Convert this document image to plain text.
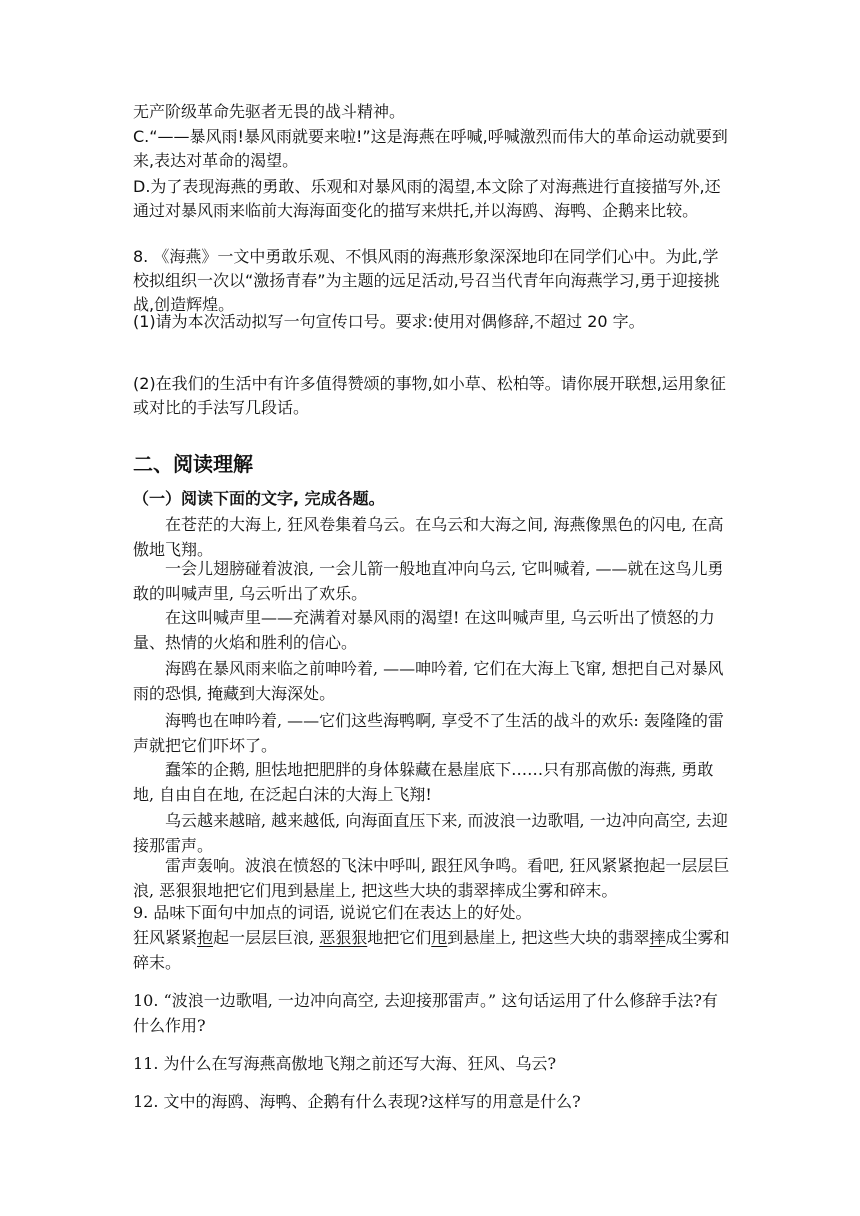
无产阶级革命先驱者无畏的战斗精神。

C.“——暴风雨!暴风雨就要来啦!”这是海燕在呼喊,呼喊激烈而伟大的革命运动就要到来,表达对革命的渴望。

D.为了表现海燕的勇敢、乐观和对暴风雨的渴望,本文除了对海燕进行直接描写外,还通过对暴风雨来临前大海海面变化的描写来烘托,并以海鸥、海鸭、企鹅来比较。

8. 《海燕》一文中勇敢乐观、不惧风雨的海燕形象深深地印在同学们心中。为此,学校拟组织一次以“激扬青春”为主题的远足活动,号召当代青年向海燕学习,勇于迎接挑战,创造辉煌。

(1)请为本次活动拟写一句宣传口号。要求:使用对偶修辞,不超过 20 字。

(2)在我们的生活中有许多值得赞颂的事物,如小草、松柏等。请你展开联想,运用象征或对比的手法写几段话。

二、阅读理解

（一）阅读下面的文字, 完成各题。

在苍茫的大海上, 狂风卷集着乌云。在乌云和大海之间, 海燕像黑色的闪电, 在高傲地飞翔。

一会儿翅膀碰着波浪, 一会儿箭一般地直冲向乌云, 它叫喊着, ——就在这鸟儿勇敢的叫喊声里, 乌云听出了欢乐。

在这叫喊声里——充满着对暴风雨的渴望! 在这叫喊声里, 乌云听出了愤怒的力量、热情的火焰和胜利的信心。

海鸥在暴风雨来临之前呻吟着, ——呻吟着, 它们在大海上飞窜, 想把自己对暴风雨的恐惧, 掩藏到大海深处。

海鸭也在呻吟着, ——它们这些海鸭啊, 享受不了生活的战斗的欢乐: 轰隆隆的雷声就把它们吓坏了。

蠢笨的企鹅, 胆怯地把肥胖的身体躲藏在悬崖底下……只有那高傲的海燕, 勇敢地, 自由自在地, 在泛起白沫的大海上飞翔!

乌云越来越暗, 越来越低, 向海面直压下来, 而波浪一边歌唱, 一边冲向高空, 去迎接那雷声。

雷声轰响。波浪在愤怒的飞沫中呼叫, 跟狂风争鸣。看吧, 狂风紧紧抱起一层层巨浪, 恶狠狠地把它们甩到悬崖上, 把这些大块的翡翠摔成尘雾和碎末。

9. 品味下面句中加点的词语, 说说它们在表达上的好处。

狂风紧紧抱起一层层巨浪, 恶狠狠地把它们甩到悬崖上, 把这些大块的翡翠摔成尘雾和碎末。

10. “波浪一边歌唱, 一边冲向高空, 去迎接那雷声。” 这句话运用了什么修辞手法?有什么作用?

11. 为什么在写海燕高傲地飞翔之前还写大海、狂风、乌云?

12. 文中的海鸥、海鸭、企鹅有什么表现?这样写的用意是什么?
